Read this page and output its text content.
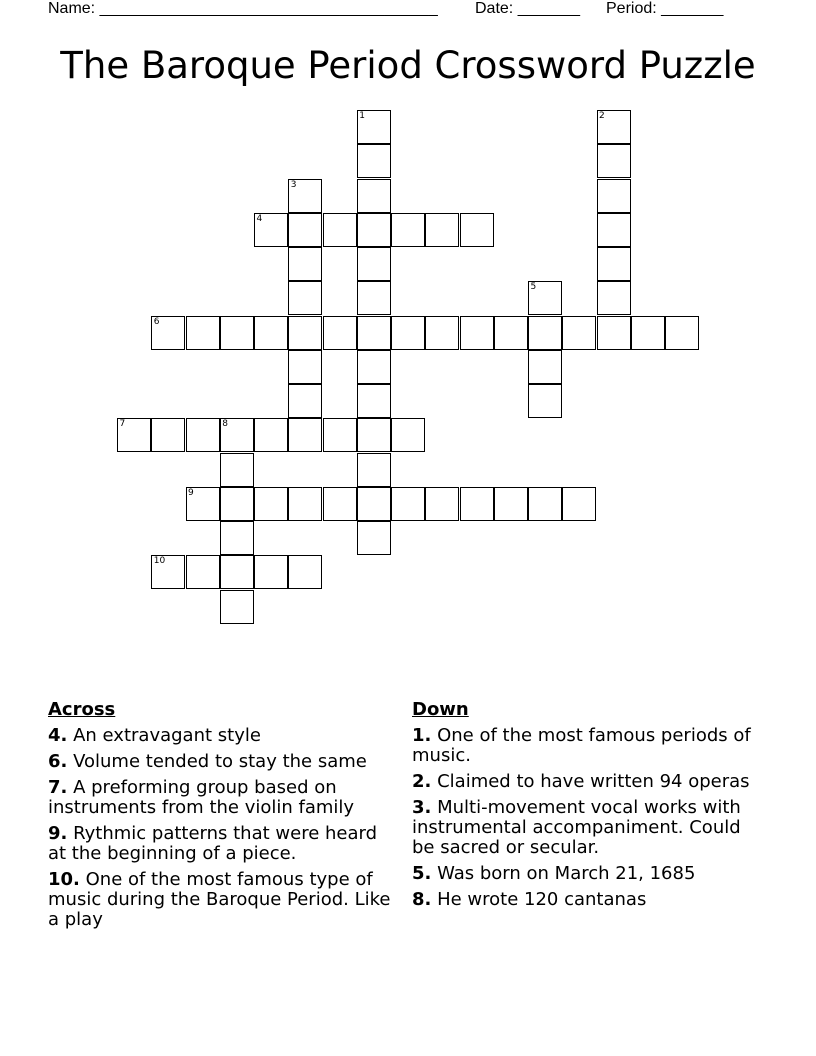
Name: ______________________________________ Date: _______ Period: _______
The Baroque Period Crossword Puzzle
1	2
3
4
5
6
7	8
9
10
Across
4. An extravagant style
6. Volume tended to stay the same
7. A preforming group based on instruments from the violin family
9. Rythmic patterns that were heard at the beginning of a piece.
10. One of the most famous type of music during the Baroque Period. Like a play
Down
1. One of the most famous periods of music.
2. Claimed to have written 94 operas
3. Multi-movement vocal works with instrumental accompaniment. Could be sacred or secular.
5. Was born on March 21, 1685
8. He wrote 120 cantanas
